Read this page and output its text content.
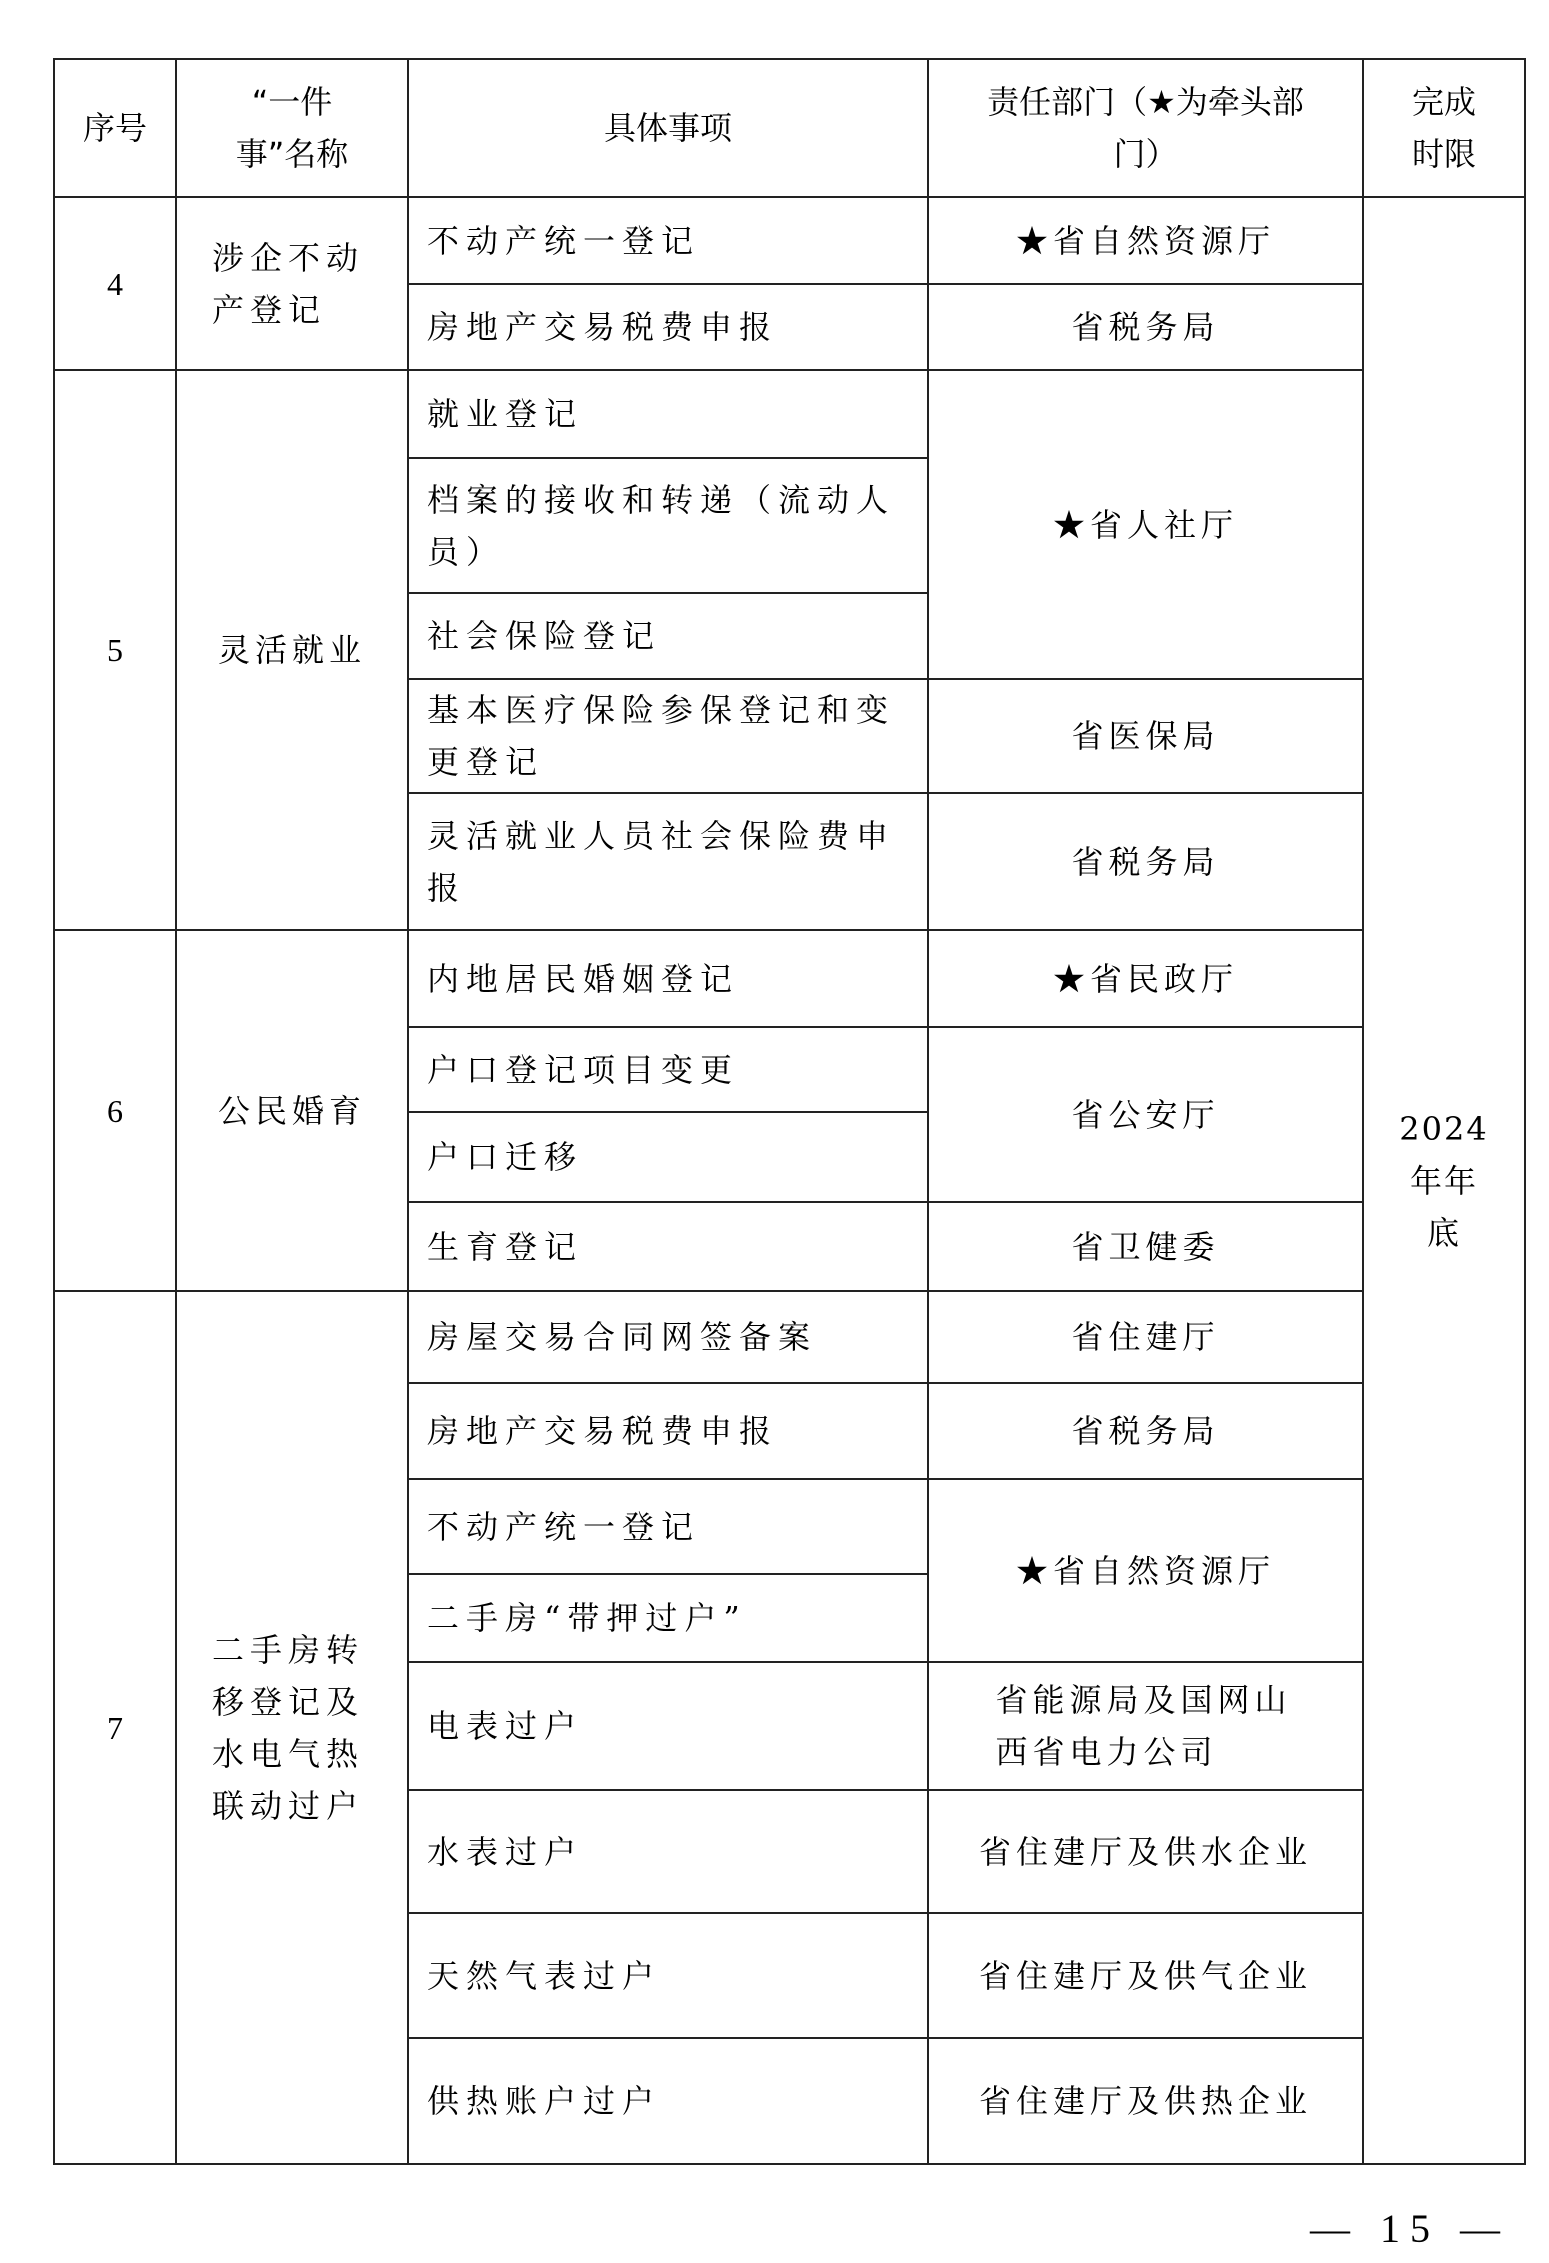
序号	“一件事”名称	具体事项	责任部门（★为牵头部门）	完成时限
4	涉企不动产登记	不动产统一登记	★省自然资源厅	2024年年底
		房地产交易税费申报	省税务局	
5	灵活就业	就业登记	★省人社厅	
		档案的接收和转递（流动人员）		
		社会保险登记		
		基本医疗保险参保登记和变更登记	省医保局	
		灵活就业人员社会保险费申报	省税务局	
6	公民婚育	内地居民婚姻登记	★省民政厅	
		户口登记项目变更	省公安厅	
		户口迁移		
		生育登记	省卫健委	
7	二手房转移登记及水电气热联动过户	房屋交易合同网签备案	省住建厅	
		房地产交易税费申报	省税务局	
		不动产统一登记	★省自然资源厅	
		二手房“带押过户”		
		电表过户	省能源局及国网山西省电力公司	
		水表过户	省住建厅及供水企业	
		天然气表过户	省住建厅及供气企业	
		供热账户过户	省住建厅及供热企业	
— 15 —
